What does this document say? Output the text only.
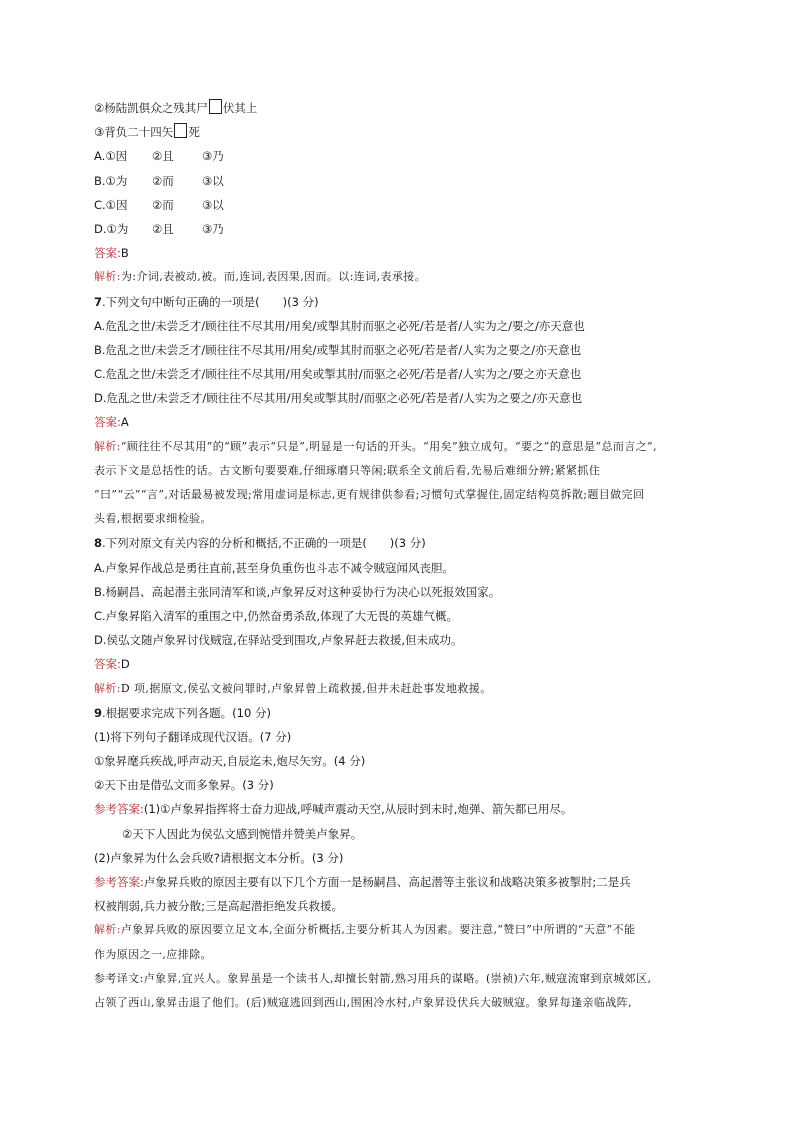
②杨陆凯俱众之残其尸 伏其上
③背负二十四矢 死
A.①因 ②且 ③乃
B.①为 ②而 ③以
C.①因 ②而 ③以
D.①为 ②且 ③乃
答案:B
解析:为:介词,表被动,被。而,连词,表因果,因而。以:连词,表承接。
7.下列文句中断句正确的一项是(　　)(3 分)
A.危乱之世/未尝乏才/顾往往不尽其用/用矣/或掣其肘而驱之必死/若是者/人实为之/要之/亦天意也
B.危乱之世/未尝乏才/顾往往不尽其用/用矣/或掣其肘而驱之必死/若是者/人实为之要之/亦天意也
C.危乱之世/未尝乏才/顾往往不尽其用/用矣或掣其肘/而驱之必死/若是者/人实为之/要之亦天意也
D.危乱之世/未尝乏才/顾往往不尽其用/用矣或掣其肘/而驱之必死/若是者/人实为之要之/亦天意也
答案:A
解析:“顾往往不尽其用”的“顾”表示“只是”,明显是一句话的开头。“用矣”独立成句。“要之”的意思是“总而言之”,
表示下文是总括性的话。古文断句要要难,仔细琢磨只等闲;联系全文前后看,先易后难细分辨;紧紧抓住
“曰”“云”“言”,对话最易被发现;常用虚词是标志,更有规律供参看;习惯句式掌握住,固定结构莫拆散;题目做完回
头看,根据要求细检验。
8.下列对原文有关内容的分析和概括,不正确的一项是(　　)(3 分)
A.卢象昇作战总是勇往直前,甚至身负重伤也斗志不减令贼寇闻风丧胆。
B.杨嗣昌、高起潜主张同清军和谈,卢象昇反对这种妥协行为决心以死报效国家。
C.卢象昇陷入清军的重围之中,仍然奋勇杀敌,体现了大无畏的英雄气概。
D.侯弘文随卢象昇讨伐贼寇,在驿站受到围攻,卢象昇赶去救援,但未成功。
答案:D
解析:D 项,据原文,侯弘文被问罪时,卢象昇曾上疏救援,但并未赶赴事发地救援。
9.根据要求完成下列各题。(10 分)
(1)将下列句子翻译成现代汉语。(7 分)
①象昇麾兵疾战,呼声动天,自辰迄未,炮尽矢穷。(4 分)
②天下由是借弘文而多象昇。(3 分)
参考答案:(1)①卢象昇指挥将士奋力迎战,呼喊声震动天空,从辰时到未时,炮弹、箭矢都已用尽。
②天下人因此为侯弘文感到惋惜并赞美卢象昇。
(2)卢象昇为什么会兵败?请根据文本分析。(3 分)
参考答案:卢象昇兵败的原因主要有以下几个方面一是杨嗣昌、高起潜等主张议和战略决策多被掣肘;二是兵
权被削弱,兵力被分散;三是高起潜拒绝发兵救援。
解析:卢象昇兵败的原因要立足文本,全面分析概括,主要分析其人为因素。要注意,“赞曰”中所谓的“天意”不能
作为原因之一,应排除。
参考译文:卢象昇,宜兴人。象昇虽是一个读书人,却擅长射箭,熟习用兵的谋略。(崇祯)六年,贼寇流窜到京城郊区,
占领了西山,象昇击退了他们。(后)贼寇逃回到西山,围困冷水村,卢象昇设伏兵大破贼寇。象昇每逢亲临战阵,
